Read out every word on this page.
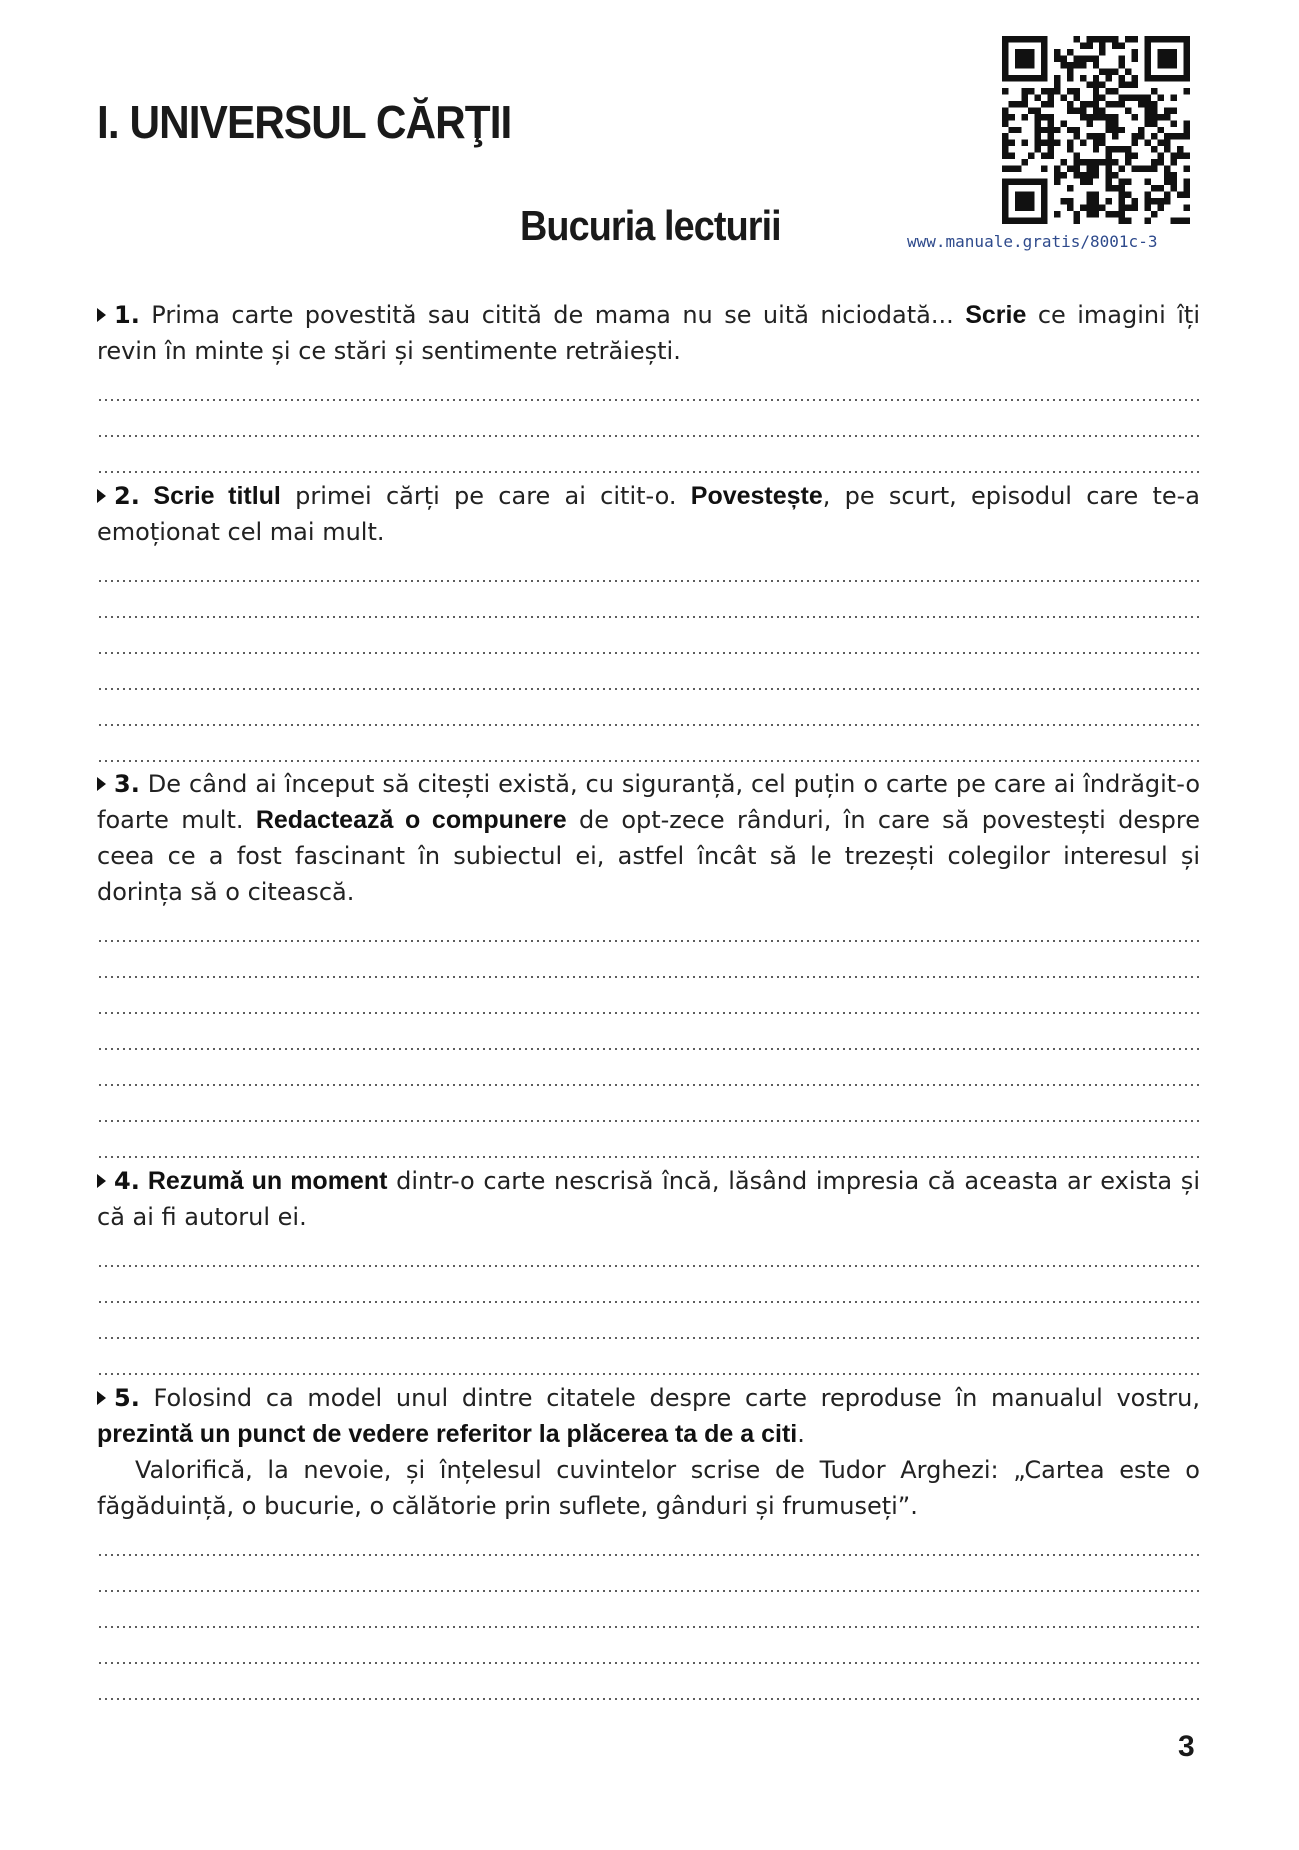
I. UNIVERSUL CĂRŢII
www.manuale.gratis/8001c-3
Bucuria lecturii

1. Prima carte povestită sau citită de mama nu se uită niciodată... Scrie ce imagini îți revin în minte și ce stări și sentimente retrăiești.

2. Scrie titlul primei cărți pe care ai citit-o. Povestește, pe scurt, episodul care te-a emoționat cel mai mult.

3. De când ai început să citești există, cu siguranță, cel puțin o carte pe care ai îndrăgit-o foarte mult. Redactează o compunere de opt-zece rânduri, în care să povestești despre ceea ce a fost fascinant în subiectul ei, astfel încât să le trezești colegilor interesul și dorința să o citească.

4. Rezumă un moment dintr-o carte nescrisă încă, lăsând impresia că aceasta ar exista și că ai fi autorul ei.

5. Folosind ca model unul dintre citatele despre carte reproduse în manualul vostru, prezintă un punct de vedere referitor la plăcerea ta de a citi.

Valorifică, la nevoie, și înțelesul cuvintelor scrise de Tudor Arghezi: „Cartea este o făgăduință, o bucurie, o călătorie prin suflete, gânduri și frumuseți”.

3
